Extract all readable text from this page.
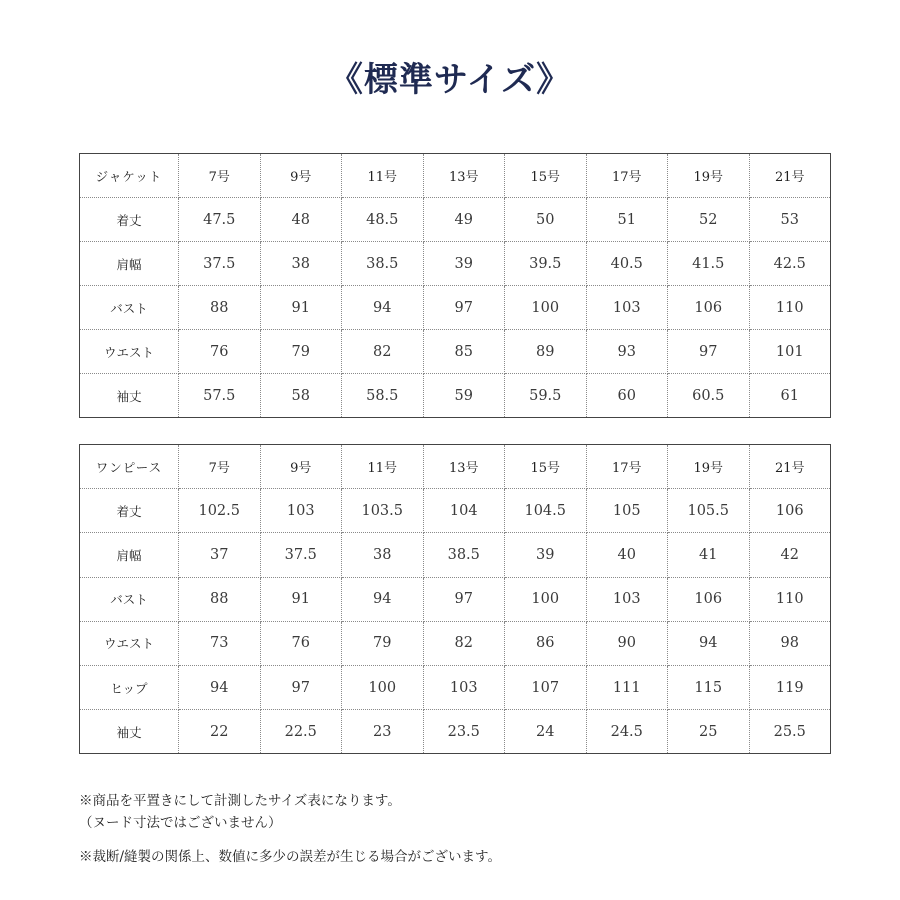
《標準サイズ》
ジャケット	7号	9号	11号	13号	15号	17号	19号	21号
着丈	47.5	48	48.5	49	50	51	52	53
肩幅	37.5	38	38.5	39	39.5	40.5	41.5	42.5
バスト	88	91	94	97	100	103	106	110
ウエスト	76	79	82	85	89	93	97	101
袖丈	57.5	58	58.5	59	59.5	60	60.5	61
ワンピース	7号	9号	11号	13号	15号	17号	19号	21号
着丈	102.5	103	103.5	104	104.5	105	105.5	106
肩幅	37	37.5	38	38.5	39	40	41	42
バスト	88	91	94	97	100	103	106	110
ウエスト	73	76	79	82	86	90	94	98
ヒップ	94	97	100	103	107	111	115	119
袖丈	22	22.5	23	23.5	24	24.5	25	25.5

※商品を平置きにして計測したサイズ表になります。

（ヌード寸法ではございません）

※裁断/縫製の関係上、数値に多少の誤差が生じる場合がございます。
